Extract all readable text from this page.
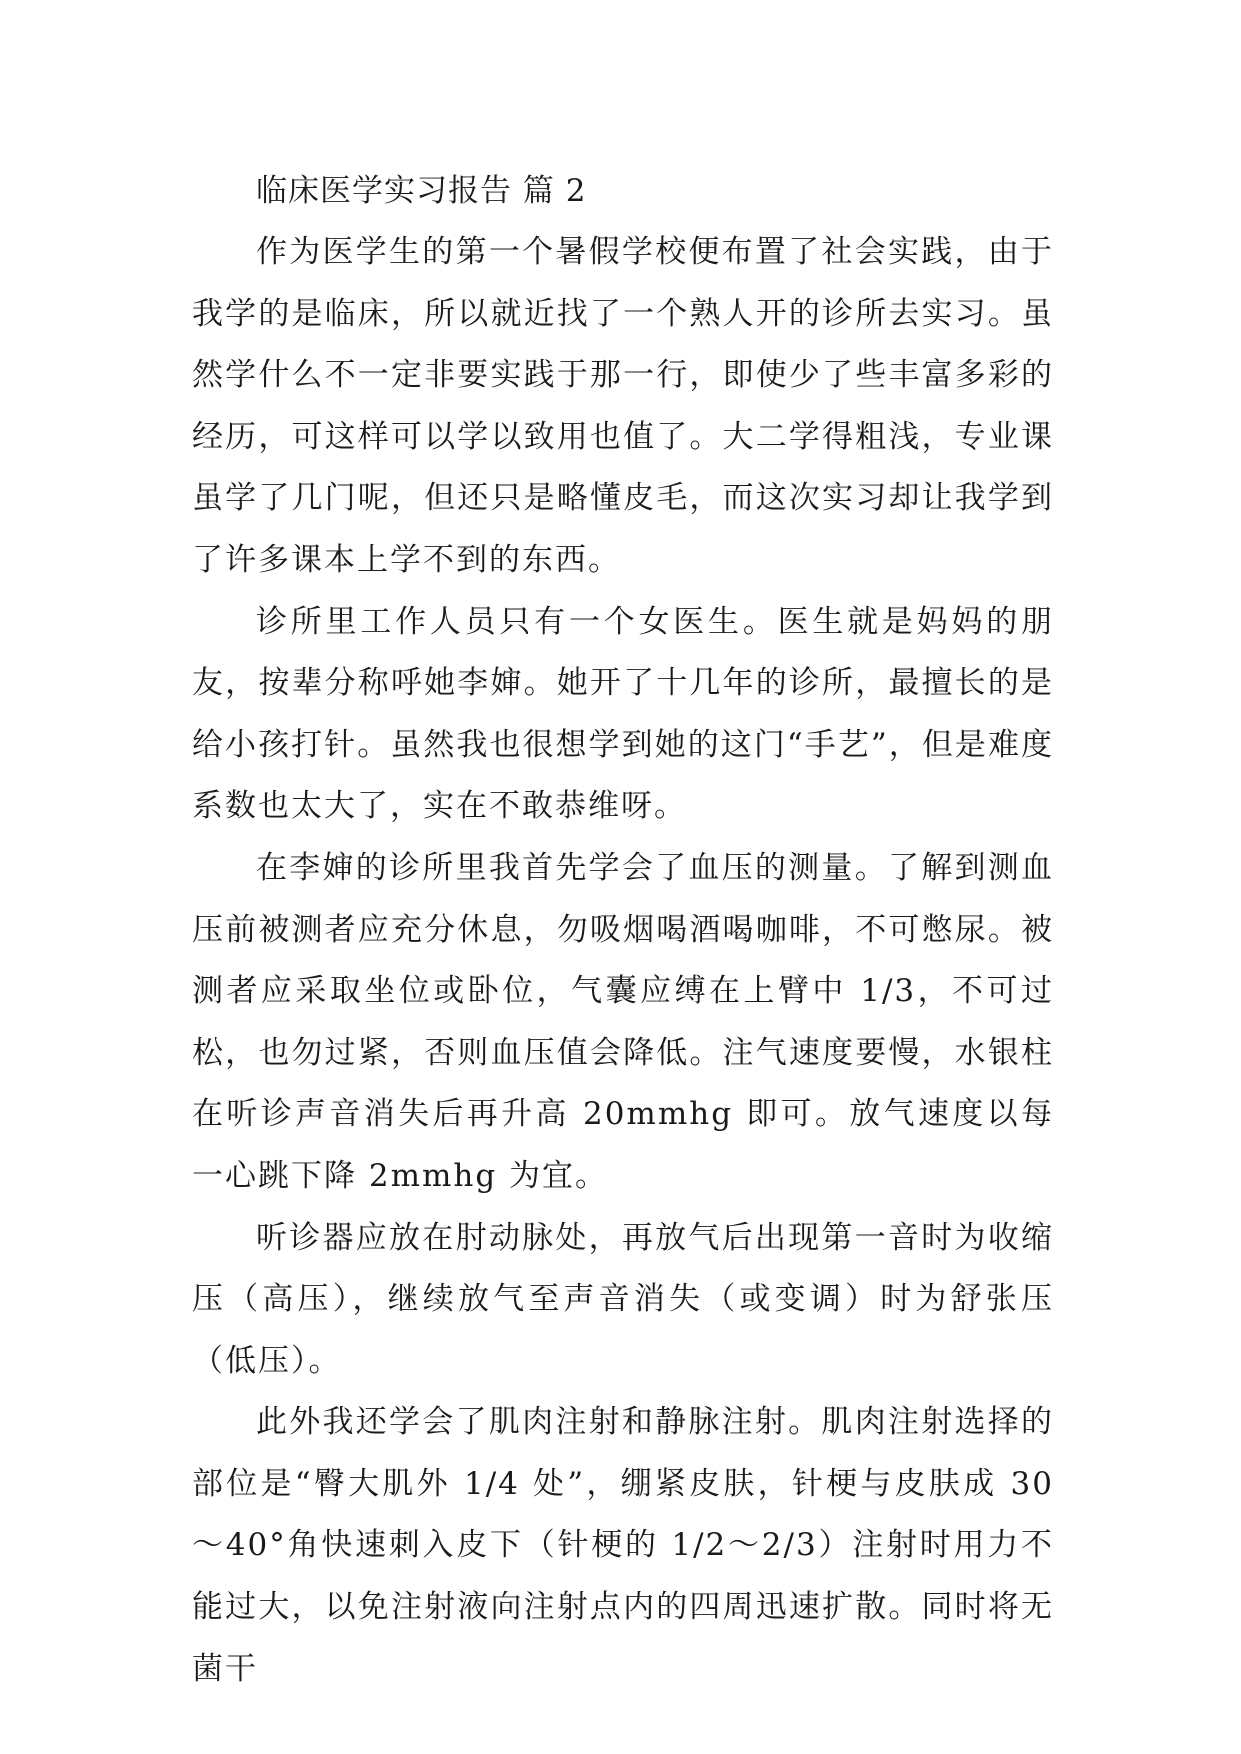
临床医学实习报告 篇 2

作为医学生的第一个暑假学校便布置了社会实践，由于我学的是临床，所以就近找了一个熟人开的诊所去实习。虽然学什么不一定非要实践于那一行，即使少了些丰富多彩的经历，可这样可以学以致用也值了。大二学得粗浅，专业课虽学了几门呢，但还只是略懂皮毛，而这次实习却让我学到了许多课本上学不到的东西。

诊所里工作人员只有一个女医生。医生就是妈妈的朋友，按辈分称呼她李婶。她开了十几年的诊所，最擅长的是给小孩打针。虽然我也很想学到她的这门“手艺”，但是难度系数也太大了，实在不敢恭维呀。

在李婶的诊所里我首先学会了血压的测量。了解到测血压前被测者应充分休息，勿吸烟喝酒喝咖啡，不可憋尿。被测者应采取坐位或卧位，气囊应缚在上臂中 1/3，不可过松，也勿过紧，否则血压值会降低。注气速度要慢，水银柱在听诊声音消失后再升高 20mmhg 即可。放气速度以每一心跳下降 2mmhg 为宜。

听诊器应放在肘动脉处，再放气后出现第一音时为收缩压（高压），继续放气至声音消失（或变调）时为舒张压（低压）。

此外我还学会了肌肉注射和静脉注射。肌肉注射选择的部位是“臀大肌外 1/4 处”，绷紧皮肤，针梗与皮肤成 30～40°角快速刺入皮下（针梗的 1/2～2/3）注射时用力不能过大，以免注射液向注射点内的四周迅速扩散。同时将无菌干
